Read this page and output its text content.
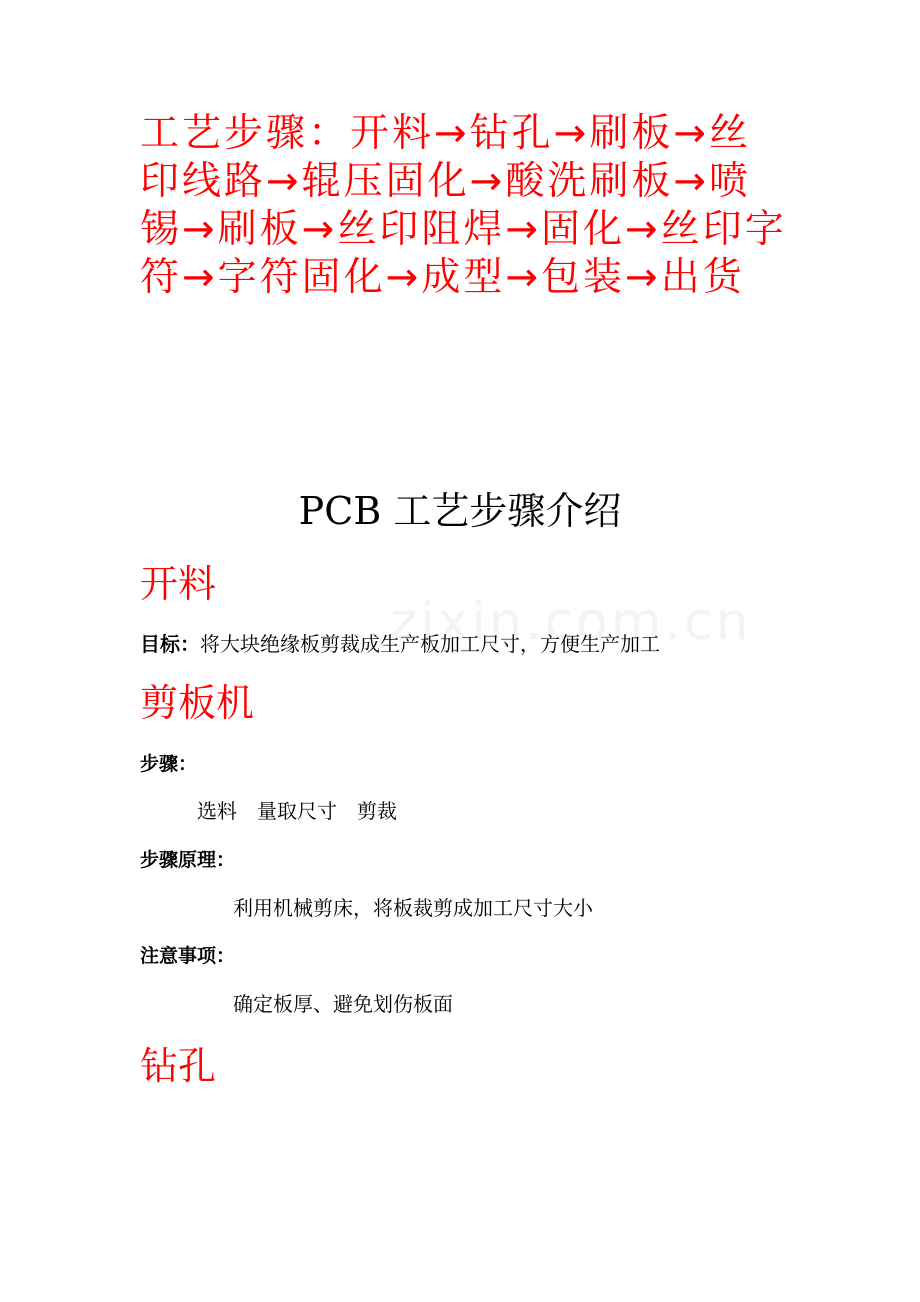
工艺步骤：开料→钻孔→刷板→丝印线路→辊压固化→酸洗刷板→喷锡→刷板→丝印阻焊→固化→丝印字符→字符固化→成型→包装→出货

PCB 工艺步骤介绍
开料

目标：将大块绝缘板剪裁成生产板加工尺寸，方便生产加工

剪板机

步骤：

选料　量取尺寸　剪裁

步骤原理：

利用机械剪床，将板裁剪成加工尺寸大小

注意事项：

确定板厚、避免划伤板面

钻孔
